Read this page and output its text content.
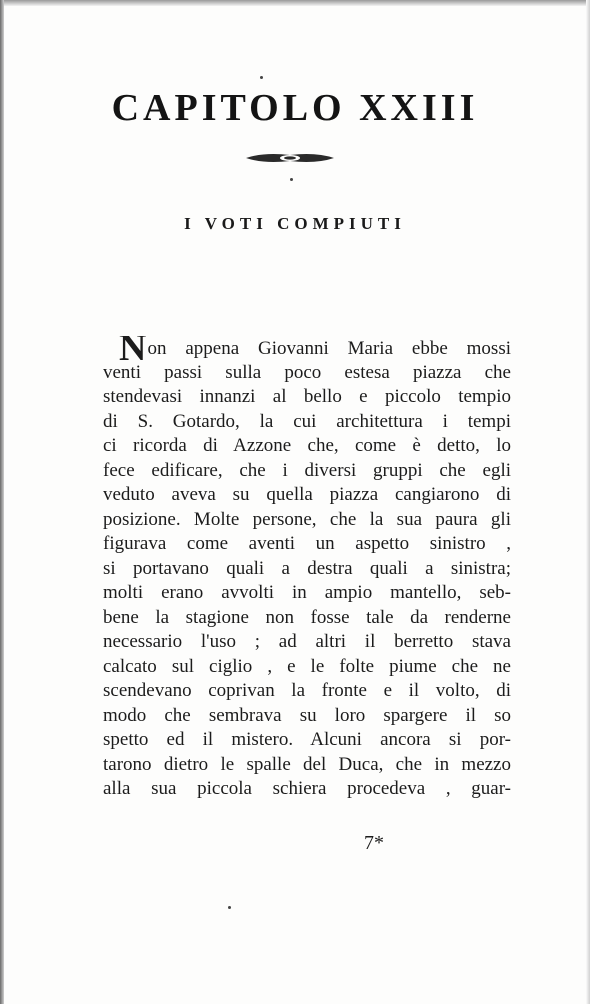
CAPITOLO XXIII
I VOTI COMPIUTI
Non appena Giovanni Maria ebbe mossi
venti passi sulla poco estesa piazza che
stendevasi innanzi al bello e piccolo tempio
di S. Gotardo, la cui architettura i tempi
ci ricorda di Azzone che, come è detto, lo
fece edificare, che i diversi gruppi che egli
veduto aveva su quella piazza cangiarono di
posizione. Molte persone, che la sua paura gli
figurava come aventi un aspetto sinistro ,
si portavano quali a destra quali a sinistra;
molti erano avvolti in ampio mantello, seb-
bene la stagione non fosse tale da renderne
necessario l'uso ; ad altri il berretto stava
calcato sul ciglio , e le folte piume che ne
scendevano coprivan la fronte e il volto, di
modo che sembrava su loro spargere il so
spetto ed il mistero. Alcuni ancora si por-
tarono dietro le spalle del Duca, che in mezzo
alla sua piccola schiera procedeva , guar-
7*
